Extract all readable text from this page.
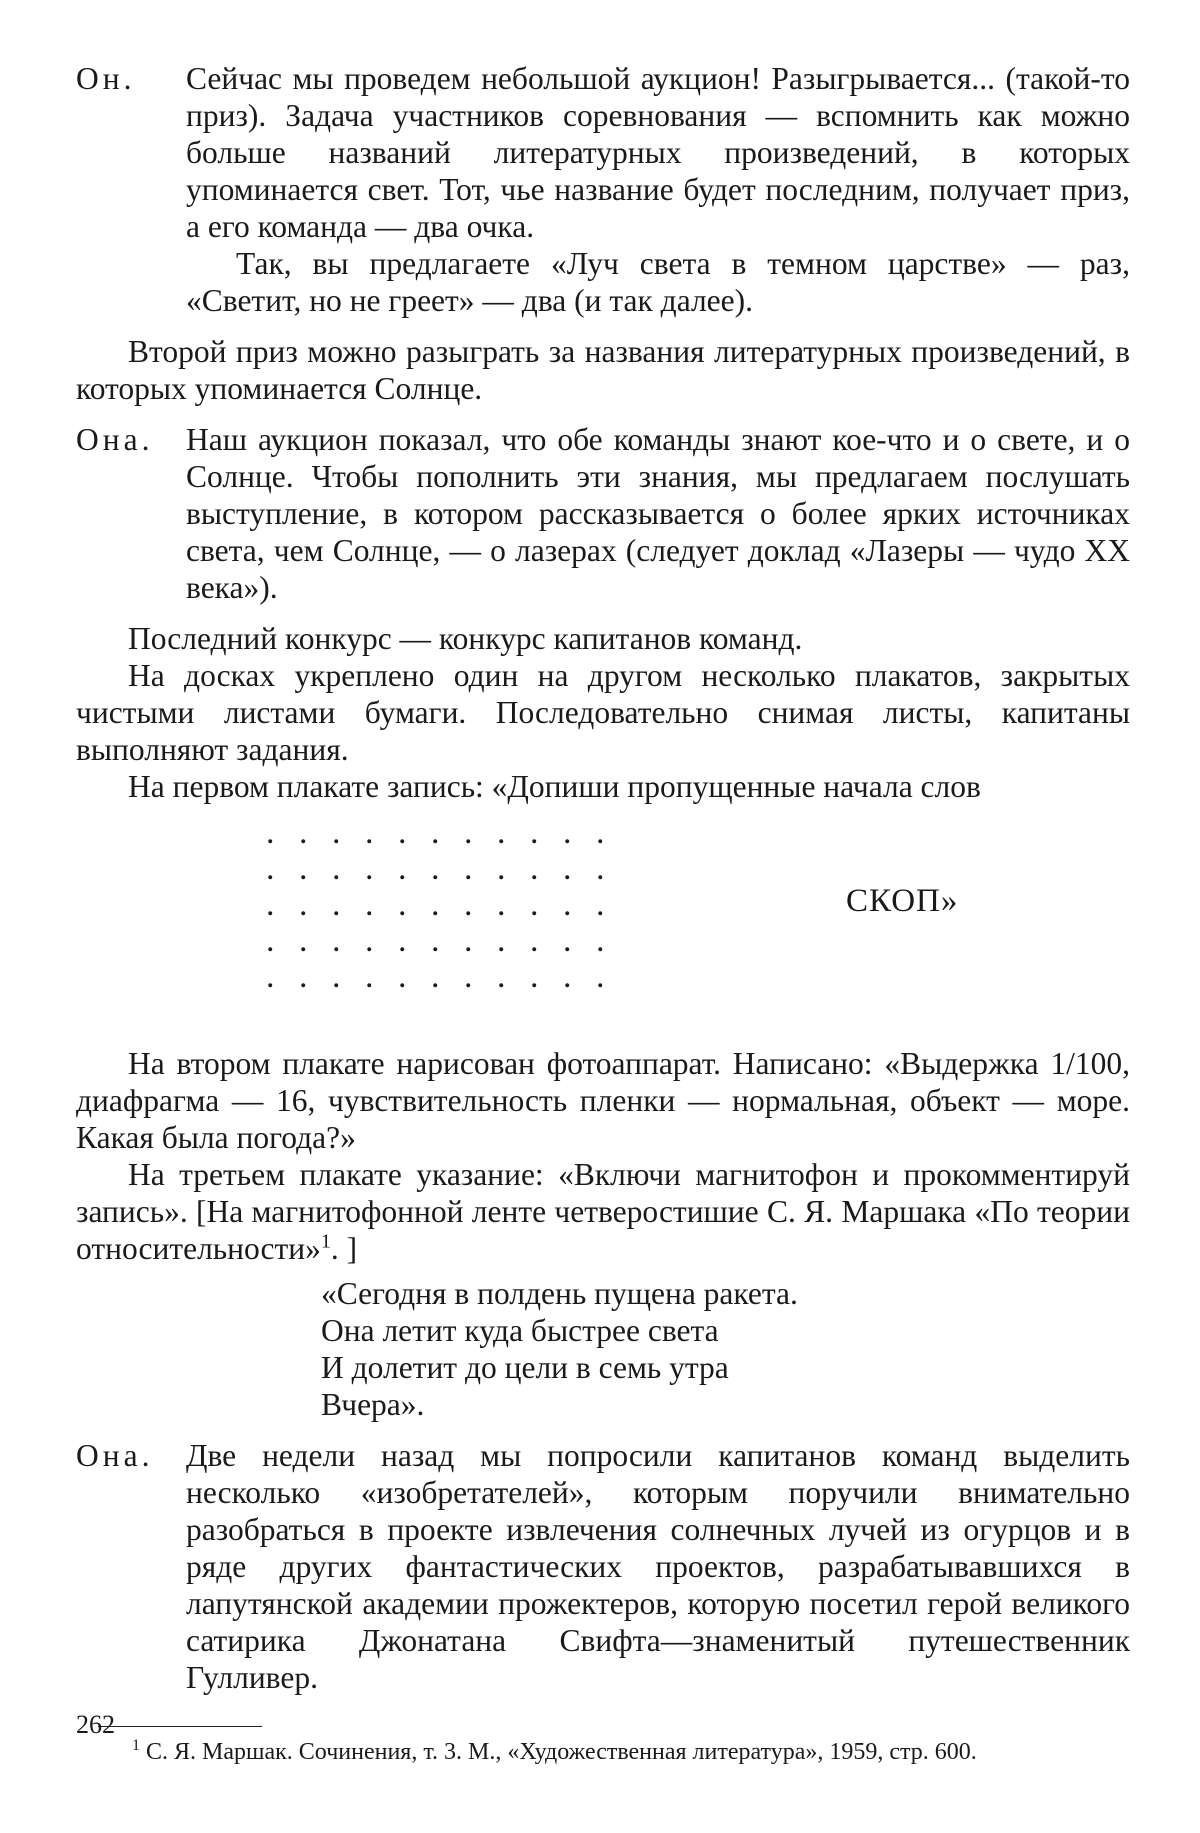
Он. Сейчас мы проведем небольшой аукцион! Разыгрывается... (такой-то приз). Задача участников соревнования — вспомнить как можно больше названий литературных произведений, в которых упоминается свет. Тот, чье название будет последним, получает приз, а его команда — два очка.

Так, вы предлагаете «Луч света в темном царстве» — раз, «Светит, но не греет» — два (и так далее).

Второй приз можно разыграть за названия литературных произведений, в которых упоминается Солнце.

Она. Наш аукцион показал, что обе команды знают кое-что и о свете, и о Солнце. Чтобы пополнить эти знания, мы предлагаем послушать выступление, в котором рассказывается о более ярких источниках света, чем Солнце, — о лазерах (следует доклад «Лазеры — чудо XX века»).

Последний конкурс — конкурс капитанов команд.

На досках укреплено один на другом несколько плакатов, закрытых чистыми листами бумаги. Последовательно снимая листы, капитаны выполняют задания.

На первом плакате запись: «Допиши пропущенные начала слов

. . . . . . . . . . .
. . . . . . . . . . .
. . . . . . . . . . .
. . . . . . . . . . .
. . . . . . . . . . .
СКОП»

На втором плакате нарисован фотоаппарат. Написано: «Выдержка 1/100, диафрагма — 16, чувствительность пленки — нормальная, объект — море. Какая была погода?»

На третьем плакате указание: «Включи магнитофон и прокомментируй запись». [На магнитофонной ленте четверостишие С. Я. Маршака «По теории относительности»$^1$. ]

«Сегодня в полдень пущена ракета.
Она летит куда быстрее света
И долетит до цели в семь утра
Вчера».
Она. Две недели назад мы попросили капитанов команд выделить несколько «изобретателей», которым поручили внимательно разобраться в проекте извлечения солнечных лучей из огурцов и в ряде других фантастических проектов, разрабатывавшихся в лапутянской академии прожектеров, которую посетил герой великого сатирика Джонатана Свифта—знаменитый путешественник Гулливер.

$^1$ С. Я. Маршак. Сочинения, т. 3. М., «Художественная литература», 1959, стр. 600.

262
